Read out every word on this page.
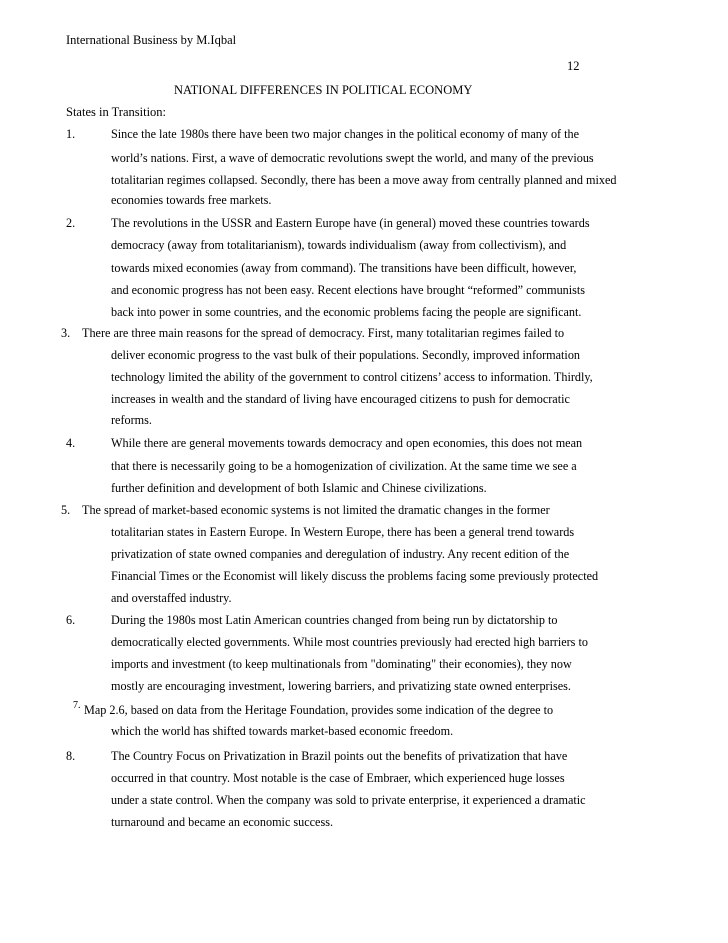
International Business by M.Iqbal
12
NATIONAL DIFFERENCES IN POLITICAL ECONOMY
States in Transition:
1.	Since the late 1980s there have been two major changes in the political economy of many of the
world’s nations. First, a wave of democratic revolutions swept the world, and many of the previous
totalitarian regimes collapsed. Secondly, there has been a move away from centrally planned and mixed
economies towards free markets.
2.	The revolutions in the USSR and Eastern Europe have (in general) moved these countries towards
democracy (away from totalitarianism), towards individualism (away from collectivism), and
towards mixed economies (away from command). The transitions have been difficult, however,
and economic progress has not been easy. Recent elections have brought “reformed” communists
back into power in some countries, and the economic problems facing the people are significant.
3. There are three main reasons for the spread of democracy. First, many totalitarian regimes failed to
deliver economic progress to the vast bulk of their populations. Secondly, improved information
technology limited the ability of the government to control citizens’ access to information. Thirdly,
increases in wealth and the standard of living have encouraged citizens to push for democratic
reforms.
4.	While there are general movements towards democracy and open economies, this does not mean
that there is necessarily going to be a homogenization of civilization. At the same time we see a
further definition and development of both Islamic and Chinese civilizations.
5. The spread of market-based economic systems is not limited the dramatic changes in the former
totalitarian states in Eastern Europe. In Western Europe, there has been a general trend towards
privatization of state owned companies and deregulation of industry. Any recent edition of the
Financial Times or the Economist will likely discuss the problems facing some previously protected
and overstaffed industry.
6.	During the 1980s most Latin American countries changed from being run by dictatorship to
democratically elected governments. While most countries previously had erected high barriers to
imports and investment (to keep multinationals from "dominating" their economies), they now
mostly are encouraging investment, lowering barriers, and privatizing state owned enterprises.
7. Map 2.6, based on data from the Heritage Foundation, provides some indication of the degree to
which the world has shifted towards market-based economic freedom.
8.	The Country Focus on Privatization in Brazil points out the benefits of privatization that have
occurred in that country. Most notable is the case of Embraer, which experienced huge losses
under a state control. When the company was sold to private enterprise, it experienced a dramatic
turnaround and became an economic success.
